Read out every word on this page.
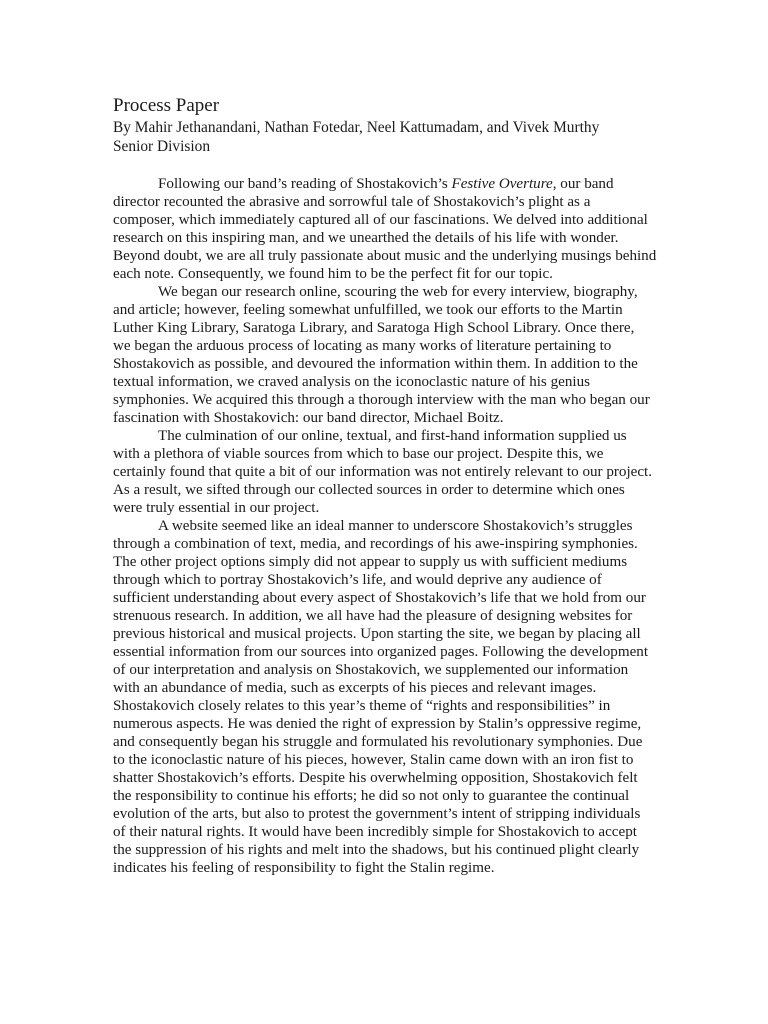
Process Paper
By Mahir Jethanandani, Nathan Fotedar, Neel Kattumadam, and Vivek Murthy
Senior Division
Following our band’s reading of Shostakovich’s Festive Overture, our band
director recounted the abrasive and sorrowful tale of Shostakovich’s plight as a
composer, which immediately captured all of our fascinations. We delved into additional
research on this inspiring man, and we unearthed the details of his life with wonder.
Beyond doubt, we are all truly passionate about music and the underlying musings behind
each note. Consequently, we found him to be the perfect fit for our topic.
We began our research online, scouring the web for every interview, biography,
and article; however, feeling somewhat unfulfilled, we took our efforts to the Martin
Luther King Library, Saratoga Library, and Saratoga High School Library. Once there,
we began the arduous process of locating as many works of literature pertaining to
Shostakovich as possible, and devoured the information within them. In addition to the
textual information, we craved analysis on the iconoclastic nature of his genius
symphonies. We acquired this through a thorough interview with the man who began our
fascination with Shostakovich: our band director, Michael Boitz.
The culmination of our online, textual, and first-hand information supplied us
with a plethora of viable sources from which to base our project. Despite this, we
certainly found that quite a bit of our information was not entirely relevant to our project.
As a result, we sifted through our collected sources in order to determine which ones
were truly essential in our project.
A website seemed like an ideal manner to underscore Shostakovich’s struggles
through a combination of text, media, and recordings of his awe-inspiring symphonies.
The other project options simply did not appear to supply us with sufficient mediums
through which to portray Shostakovich’s life, and would deprive any audience of
sufficient understanding about every aspect of Shostakovich’s life that we hold from our
strenuous research. In addition, we all have had the pleasure of designing websites for
previous historical and musical projects. Upon starting the site, we began by placing all
essential information from our sources into organized pages. Following the development
of our interpretation and analysis on Shostakovich, we supplemented our information
with an abundance of media, such as excerpts of his pieces and relevant images.
Shostakovich closely relates to this year’s theme of “rights and responsibilities” in
numerous aspects. He was denied the right of expression by Stalin’s oppressive regime,
and consequently began his struggle and formulated his revolutionary symphonies. Due
to the iconoclastic nature of his pieces, however, Stalin came down with an iron fist to
shatter Shostakovich’s efforts. Despite his overwhelming opposition, Shostakovich felt
the responsibility to continue his efforts; he did so not only to guarantee the continual
evolution of the arts, but also to protest the government’s intent of stripping individuals
of their natural rights. It would have been incredibly simple for Shostakovich to accept
the suppression of his rights and melt into the shadows, but his continued plight clearly
indicates his feeling of responsibility to fight the Stalin regime.
